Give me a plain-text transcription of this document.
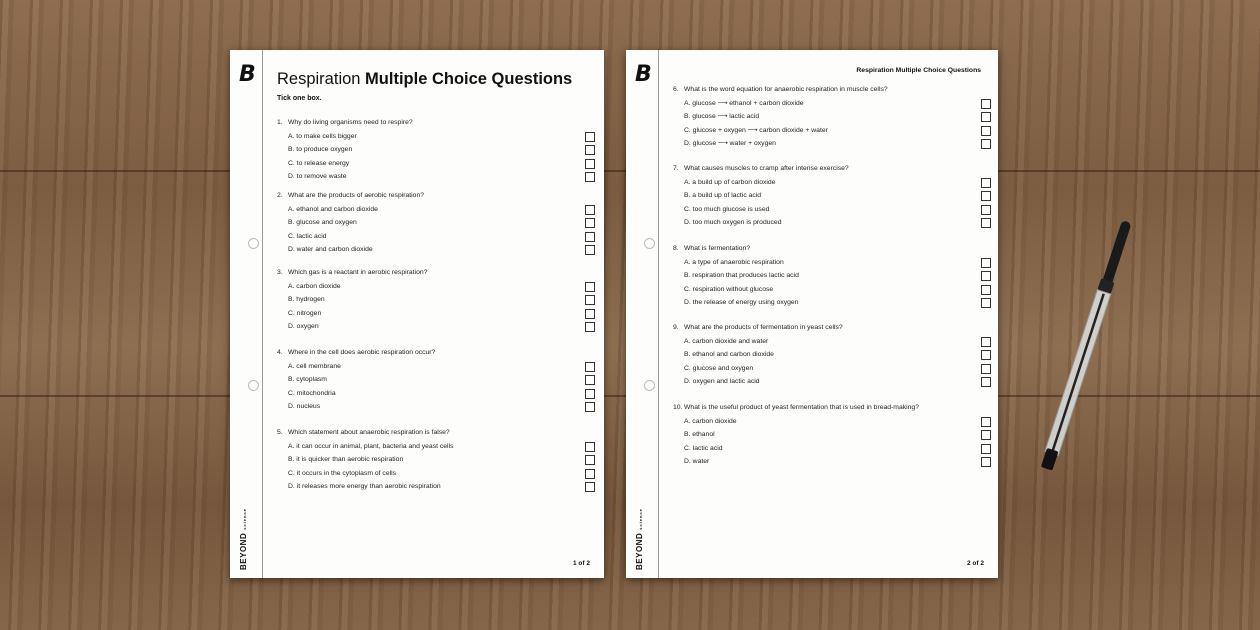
B
BEYONDscience
Respiration Multiple Choice Questions
Tick one box.
1. Why do living organisms need to respire?
A. to make cells bigger
B. to produce oxygen
C. to release energy
D. to remove waste
2. What are the products of aerobic respiration?
A. ethanol and carbon dioxide
B. glucose and oxygen
C. lactic acid
D. water and carbon dioxide
3. Which gas is a reactant in aerobic respiration?
A. carbon dioxide
B. hydrogen
C. nitrogen
D. oxygen
4. Where in the cell does aerobic respiration occur?
A. cell membrane
B. cytoplasm
C. mitochondria
D. nucleus
5. Which statement about anaerobic respiration is false?
A. it can occur in animal, plant, bacteria and yeast cells
B. it is quicker than aerobic respiration
C. it occurs in the cytoplasm of cells
D. it releases more energy than aerobic respiration
1 of 2
B
BEYONDscience
Respiration Multiple Choice Questions
6. What is the word equation for anaerobic respiration in muscle cells?
A. glucose ⟶ ethanol + carbon dioxide
B. glucose ⟶ lactic acid
C. glucose + oxygen ⟶ carbon dioxide + water
D. glucose ⟶ water + oxygen
7. What causes muscles to cramp after intense exercise?
A. a build up of carbon dioxide
B. a build up of lactic acid
C. too much glucose is used
D. too much oxygen is produced
8. What is fermentation?
A. a type of anaerobic respiration
B. respiration that produces lactic acid
C. respiration without glucose
D. the release of energy using oxygen
9. What are the products of fermentation in yeast cells?
A. carbon dioxide and water
B. ethanol and carbon dioxide
C. glucose and oxygen
D. oxygen and lactic acid
10. What is the useful product of yeast fermentation that is used in bread-making?
A. carbon dioxide
B. ethanol
C. lactic acid
D. water
2 of 2
